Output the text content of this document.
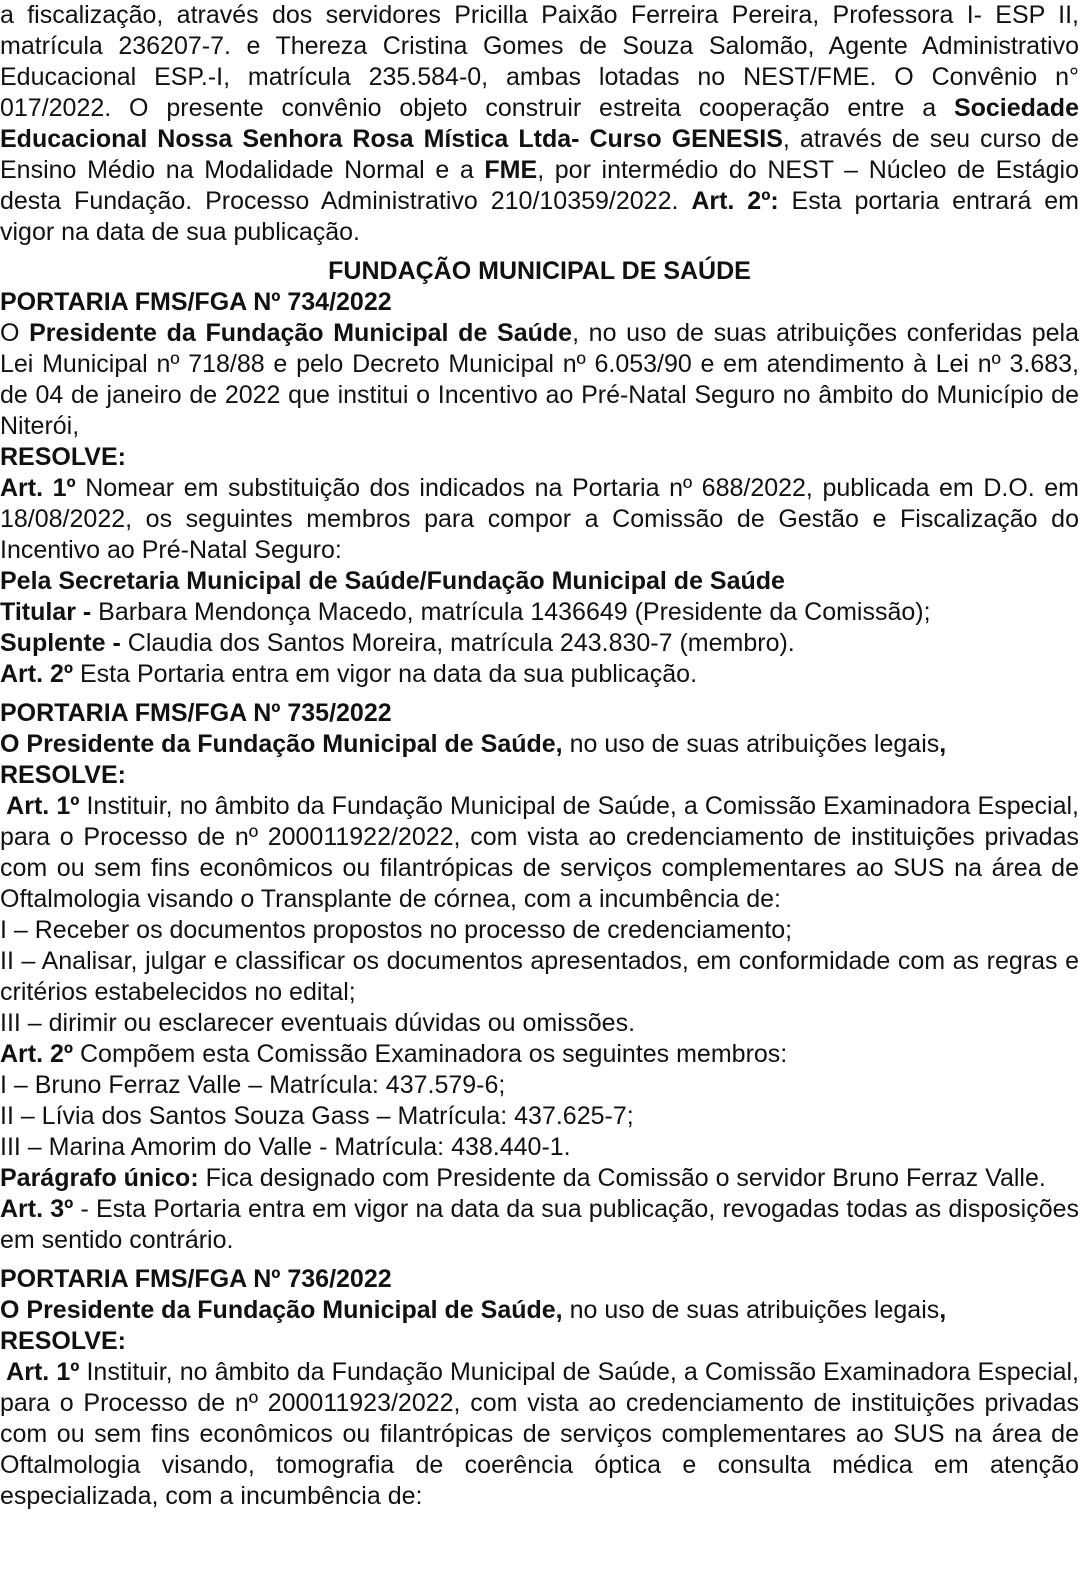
a fiscalização, através dos servidores Pricilla Paixão Ferreira Pereira, Professora I- ESP II, matrícula 236207-7. e Thereza Cristina Gomes de Souza Salomão, Agente Administrativo Educacional ESP.-I, matrícula 235.584-0, ambas lotadas no NEST/FME. O Convênio n° 017/2022. O presente convênio objeto construir estreita cooperação entre a Sociedade Educacional Nossa Senhora Rosa Mística Ltda- Curso GENESIS, através de seu curso de Ensino Médio na Modalidade Normal e a FME, por intermédio do NEST – Núcleo de Estágio desta Fundação. Processo Administrativo 210/10359/2022. Art. 2º: Esta portaria entrará em vigor na data de sua publicação.

FUNDAÇÃO MUNICIPAL DE SAÚDE

PORTARIA FMS/FGA Nº 734/2022

O Presidente da Fundação Municipal de Saúde, no uso de suas atribuições conferidas pela Lei Municipal nº 718/88 e pelo Decreto Municipal nº 6.053/90 e em atendimento à Lei nº 3.683, de 04 de janeiro de 2022 que institui o Incentivo ao Pré-Natal Seguro no âmbito do Município de Niterói,

RESOLVE:

Art. 1º Nomear em substituição dos indicados na Portaria nº 688/2022, publicada em D.O. em 18/08/2022, os seguintes membros para compor a Comissão de Gestão e Fiscalização do Incentivo ao Pré-Natal Seguro:

Pela Secretaria Municipal de Saúde/Fundação Municipal de Saúde

Titular - Barbara Mendonça Macedo, matrícula 1436649 (Presidente da Comissão);

Suplente - Claudia dos Santos Moreira, matrícula 243.830-7 (membro).

Art. 2º Esta Portaria entra em vigor na data da sua publicação.

PORTARIA FMS/FGA Nº 735/2022

O Presidente da Fundação Municipal de Saúde, no uso de suas atribuições legais,

RESOLVE:

Art. 1º Instituir, no âmbito da Fundação Municipal de Saúde, a Comissão Examinadora Especial, para o Processo de nº 200011922/2022, com vista ao credenciamento de instituições privadas com ou sem fins econômicos ou filantrópicas de serviços complementares ao SUS na área de Oftalmologia visando o Transplante de córnea, com a incumbência de:

I – Receber os documentos propostos no processo de credenciamento;

II – Analisar, julgar e classificar os documentos apresentados, em conformidade com as regras e critérios estabelecidos no edital;

III – dirimir ou esclarecer eventuais dúvidas ou omissões.

Art. 2º Compõem esta Comissão Examinadora os seguintes membros:

I – Bruno Ferraz Valle – Matrícula: 437.579-6;

II – Lívia dos Santos Souza Gass – Matrícula: 437.625-7;

III – Marina Amorim do Valle - Matrícula: 438.440-1.

Parágrafo único: Fica designado com Presidente da Comissão o servidor Bruno Ferraz Valle.

Art. 3º - Esta Portaria entra em vigor na data da sua publicação, revogadas todas as disposições em sentido contrário.

PORTARIA FMS/FGA Nº 736/2022

O Presidente da Fundação Municipal de Saúde, no uso de suas atribuições legais,

RESOLVE:

Art. 1º Instituir, no âmbito da Fundação Municipal de Saúde, a Comissão Examinadora Especial, para o Processo de nº 200011923/2022, com vista ao credenciamento de instituições privadas com ou sem fins econômicos ou filantrópicas de serviços complementares ao SUS na área de Oftalmologia visando, tomografia de coerência óptica e consulta médica em atenção especializada, com a incumbência de:
